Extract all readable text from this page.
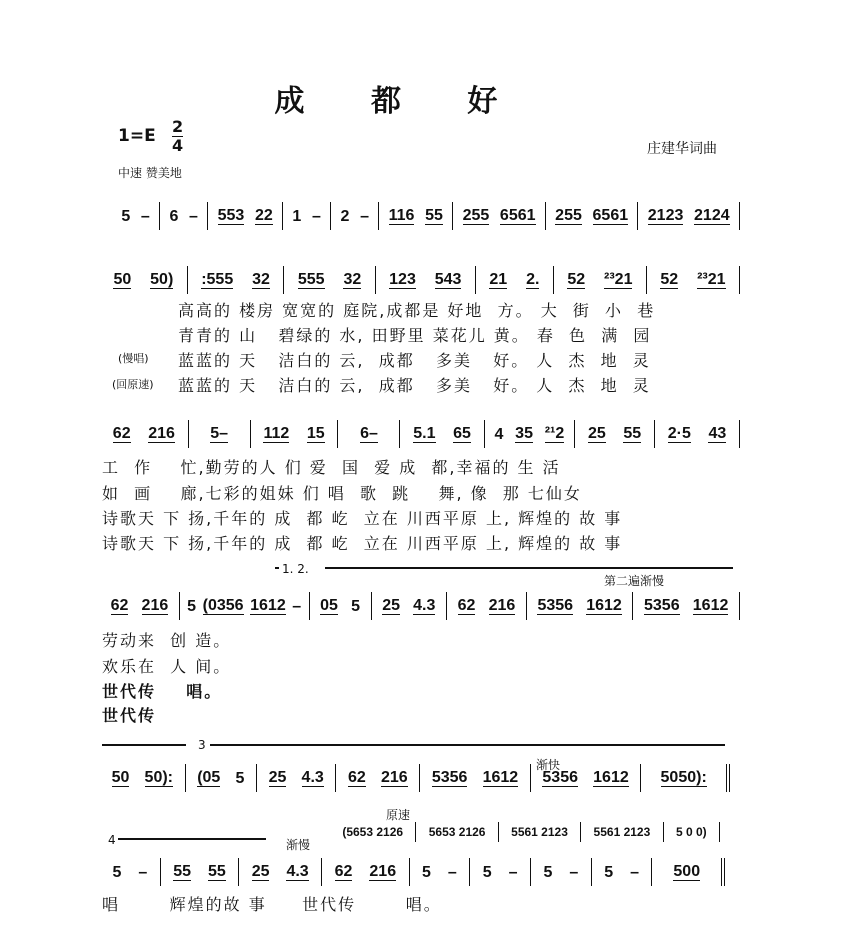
成 都 好
1=E 2
4	庄建华词曲
中速 赞美地
5 – 6 – 553 22 1 – 2 – 116 55 255 6561 255 6561 2123 2124
50 50) :555 32 555 32 123 543 21 2. 52 ²³21 52 ²³21
(慢唱)
(回原速)
高高的 楼房 宽宽的 庭院,成都是 好地  方。 大  街  小  巷
青青的 山   碧绿的 水, 田野里 菜花儿 黄。 春  色  满  园
蓝蓝的 天   洁白的 云,  成都   多美   好。 人  杰  地  灵
蓝蓝的 天   洁白的 云,  成都   多美   好。 人  杰  地  灵
62 216 5– 112 15 6– 5.1 65 4 35 ²¹2 25 55 2·5 43
工  作    忙,勤劳的人 们 爱  国  爱 成  都,幸福的 生 活
如  画    廊,七彩的姐妹 们 唱  歌  跳    舞, 像  那 七仙女
诗歌天 下 扬,千年的 成  都 屹  立在 川西平原 上, 辉煌的 故 事
诗歌天 下 扬,千年的 成  都 屹  立在 川西平原 上, 辉煌的 故 事
1. 2.
第二遍渐慢
62 216 5 (0356 1612 – 05 5 25 4.3 62 216 5356 1612 5356 1612
劳动来  创 造。
欢乐在  人 间。
世代传    唱。
世代传
3
渐快
50 50): (05 5 25 4.3 62 216 5356 1612 5356 1612 5050):
原速
(5653 2126	5653 2126	5561 2123	5561 2123	5 0 0)
4	渐慢
5 – 55 55 25 4.3 62 216 5 – 5 – 5 – 5 – 500
唱       辉煌的故 事     世代传       唱。
